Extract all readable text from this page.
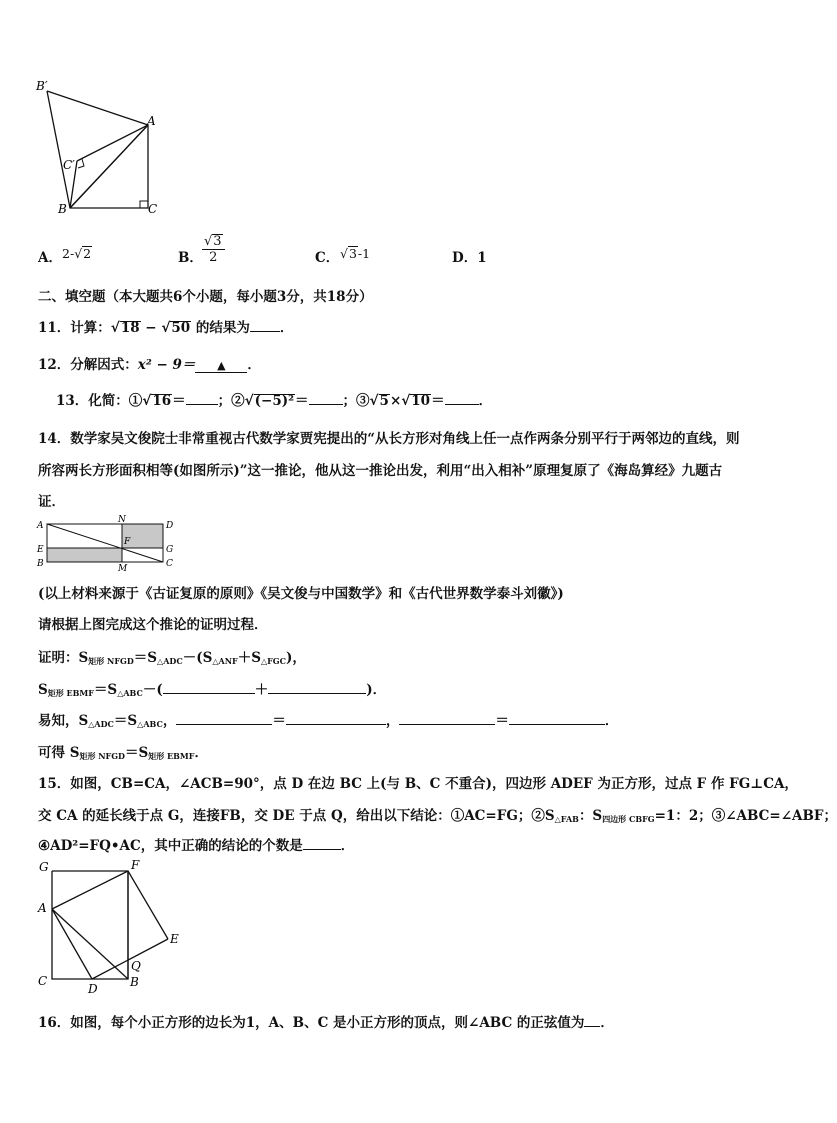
B′
A
C′
B	C
A． 2-√2	B． $\frac{√3}{2}$	C． √3-1	D．1
二、填空题（本大题共6个小题，每小题3分，共18分）
11．计算：√18 − √50 的结果为 ．
12．分解因式：x² − 9＝ ▲ ．
13．化简：①√16＝ ；②√(−5)²＝	；③√5×√10＝	．
14．数学家吴文俊院士非常重视古代数学家贾宪提出的“从长方形对角线上任一点作两条分别平行于两邻边的直线，则
所容两长方形面积相等(如图所示)”这一推论，他从这一推论出发，利用“出入相补”原理复原了《海岛算经》九题古
证．
A
N
D
E
F
G
B	M	C
(以上材料来源于《古证复原的原则》《吴文俊与中国数学》和《古代世界数学泰斗刘徽》)
请根据上图完成这个推论的证明过程．
证明：$S_{矩形 NFGD}=S_{\triangle ADC}-(S_{\triangle ANF}+S_{\triangle FGC})$，
$S_{矩形 EBMF}=S_{\triangle ABC}-$(	＋	)．
易知，$S_{\triangle ADC}=S_{\triangle ABC}$，	＝	，	＝	．
可得 $S_{矩形 NFGD}=S_{矩形 EBMF}$．
15．如图，CB=CA，∠ACB=90°，点 D 在边 BC 上(与 B、C 不重合)，四边形 ADEF 为正方形，过点 F 作 FG⊥CA，
交 CA 的延长线于点 G，连接FB，交 DE 于点 Q，给出以下结论：①AC=FG；$②S_{\triangle FAB}$：$S_{四边形 CBFG}=1$：2；③∠ABC=∠ABF；
④AD²=FQ•AC，其中正确的结论的个数是	．
G	F
A
E
Q
C
D	B
16．如图，每个小正方形的边长为1，A、B、C 是小正方形的顶点，则∠ABC 的正弦值为 ．
